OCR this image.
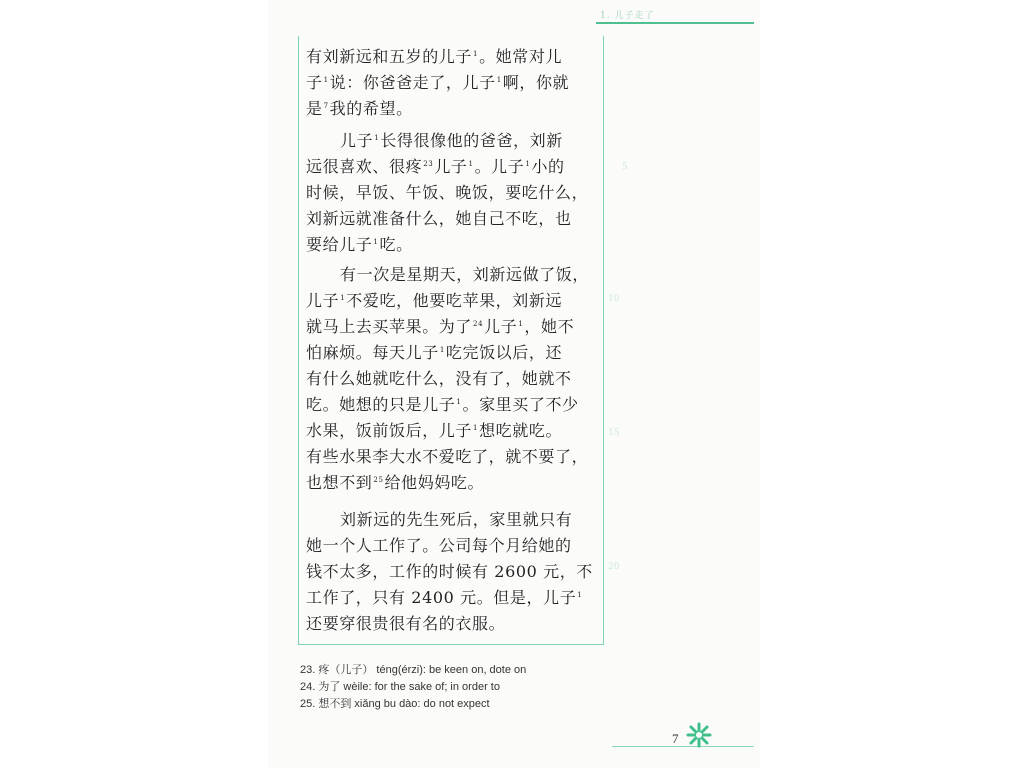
1. 儿子走了
有刘新远和五岁的儿子$^1$。她常对儿
子$^1$说：你爸爸走了，儿子$^1$啊，你就
是$^7$我的希望。
儿子$^1$长得很像他的爸爸，刘新
远很喜欢、很疼$^{23}$儿子$^1$。儿子$^1$小的
时候，早饭、午饭、晚饭，要吃什么，
刘新远就准备什么，她自己不吃，也
要给儿子$^1$吃。
有一次是星期天，刘新远做了饭，
儿子$^1$不爱吃，他要吃苹果，刘新远
就马上去买苹果。为了$^{24}$儿子$^1$，她不
怕麻烦。每天儿子$^1$吃完饭以后，还
有什么她就吃什么，没有了，她就不
吃。她想的只是儿子$^1$。家里买了不少
水果，饭前饭后，儿子$^1$想吃就吃。
有些水果李大水不爱吃了，就不要了，
也想不到$^{25}$给他妈妈吃。
刘新远的先生死后，家里就只有
她一个人工作了。公司每个月给她的
钱不太多，工作的时候有 2600 元，不
工作了，只有 2400 元。但是，儿子$^1$
还要穿很贵很有名的衣服。
5
10
15
20
23. 疼（儿子） téng(érzi): be keen on, dote on
24. 为了 wèile: for the sake of; in order to
25. 想不到 xiǎng bu dào: do not expect
7
